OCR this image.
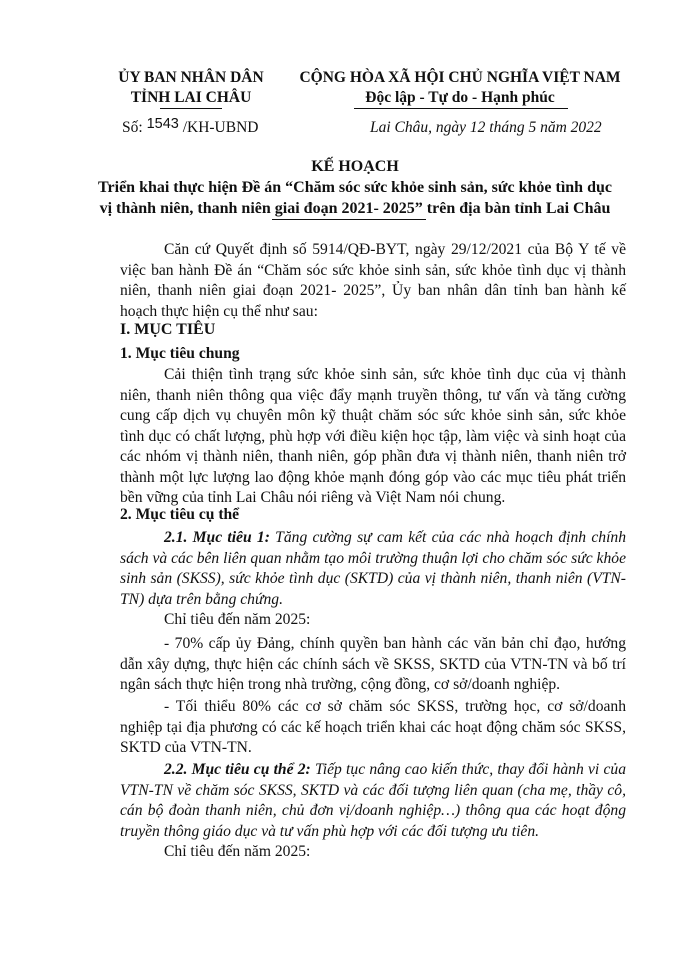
ỦY BAN NHÂN DÂN
TỈNH LAI CHÂU
CỘNG HÒA XÃ HỘI CHỦ NGHĨA VIỆT NAM
Độc lập - Tự do - Hạnh phúc
Số: 1543 /KH-UBND	Lai Châu, ngày 12 tháng 5 năm 2022
KẾ HOẠCH
Triển khai thực hiện Đề án “Chăm sóc sức khỏe sinh sản, sức khỏe tình dục
vị thành niên, thanh niên giai đoạn 2021- 2025” trên địa bàn tỉnh Lai Châu
Căn cứ Quyết định số 5914/QĐ-BYT, ngày 29/12/2021 của Bộ Y tế về việc ban hành Đề án “Chăm sóc sức khỏe sinh sản, sức khỏe tình dục vị thành niên, thanh niên giai đoạn 2021- 2025”, Ủy ban nhân dân tỉnh ban hành kế hoạch thực hiện cụ thể như sau:
I. MỤC TIÊU
1. Mục tiêu chung
Cải thiện tình trạng sức khỏe sinh sản, sức khỏe tình dục của vị thành niên, thanh niên thông qua việc đẩy mạnh truyền thông, tư vấn và tăng cường cung cấp dịch vụ chuyên môn kỹ thuật chăm sóc sức khỏe sinh sản, sức khỏe tình dục có chất lượng, phù hợp với điều kiện học tập, làm việc và sinh hoạt của các nhóm vị thành niên, thanh niên, góp phần đưa vị thành niên, thanh niên trở thành một lực lượng lao động khỏe mạnh đóng góp vào các mục tiêu phát triển bền vững của tỉnh Lai Châu nói riêng và Việt Nam nói chung.
2. Mục tiêu cụ thể
2.1. Mục tiêu 1: Tăng cường sự cam kết của các nhà hoạch định chính sách và các bên liên quan nhằm tạo môi trường thuận lợi cho chăm sóc sức khỏe sinh sản (SKSS), sức khỏe tình dục (SKTD) của vị thành niên, thanh niên (VTN-TN) dựa trên bằng chứng.
Chỉ tiêu đến năm 2025:
- 70% cấp ủy Đảng, chính quyền ban hành các văn bản chỉ đạo, hướng dẫn xây dựng, thực hiện các chính sách về SKSS, SKTD của VTN-TN và bố trí ngân sách thực hiện trong nhà trường, cộng đồng, cơ sở/doanh nghiệp.
- Tối thiểu 80% các cơ sở chăm sóc SKSS, trường học, cơ sở/doanh nghiệp tại địa phương có các kế hoạch triển khai các hoạt động chăm sóc SKSS, SKTD của VTN-TN.
2.2. Mục tiêu cụ thể 2: Tiếp tục nâng cao kiến thức, thay đổi hành vi của VTN-TN về chăm sóc SKSS, SKTD và các đối tượng liên quan (cha mẹ, thầy cô, cán bộ đoàn thanh niên, chủ đơn vị/doanh nghiệp…) thông qua các hoạt động truyền thông giáo dục và tư vấn phù hợp với các đối tượng ưu tiên.
Chỉ tiêu đến năm 2025:
